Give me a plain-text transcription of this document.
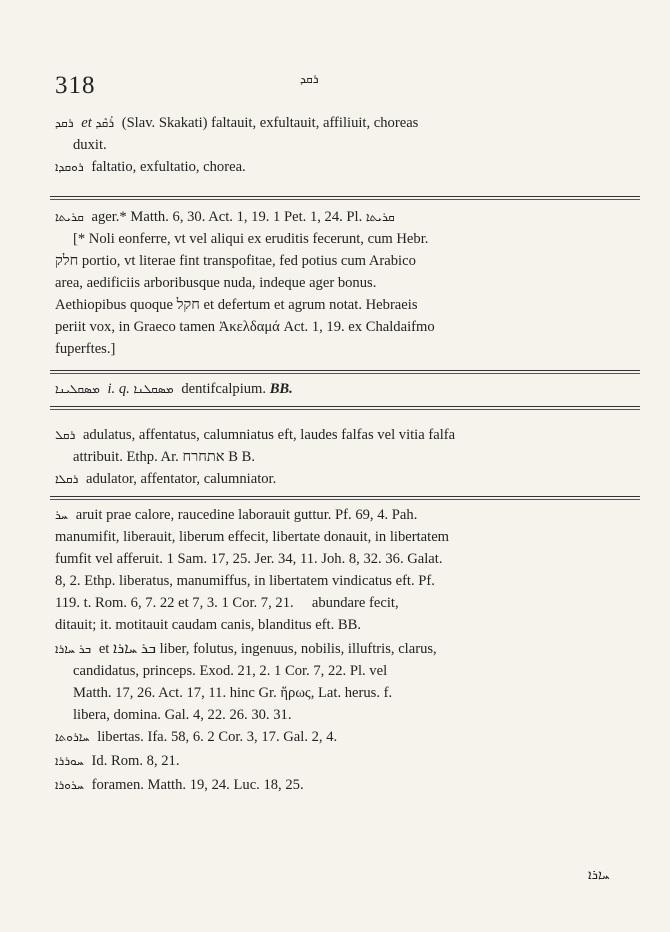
318	ܪܩܕ
ܪܩܕ et ܪܰܩܶܕ (Slav. Skakati) faltauit, exfultauit, affiliuit, choreas
duxit.
ܪܘܩܕܐ faltatio, exfultatio, chorea.
ܩܪܝܬܐ ager.* Matth. 6, 30. Act. 1, 19. 1 Pet. 1, 24. Pl. ܩܪܝܬܐ
[* Noli eonferre, vt vel aliqui ex eruditis fecerunt, cum Hebr.
חלק portio, vt literae fint transpofitae, fed potius cum Arabico
area, aedificiis arboribusque nuda, indeque ager bonus.
Aethiopibus quoque חקל et defertum et agrum notat. Hebraeis
periit vox, in Graeco tamen Ἀκελδαμά Act. 1, 19. ex Chaldaifmo
fuperftes.]
ܡܣܩܠܝܢܐ i. q. ܡܣܩܠܢܐ dentifcalpium. BB.
ܪܩܠ adulatus, affentatus, calumniatus eft, laudes falfas vel vitia falfa
attribuit. Ethp. Ar. אתחרח B B.
ܪܩܠܐ adulator, affentator, calumniator.
ܚܪ aruit prae calore, raucedine laborauit guttur. Pf. 69, 4. Pah.
manumifit, liberauit, liberum effecit, libertate donauit, in libertatem
fumfit vel afferuit. 1 Sam. 17, 25. Jer. 34, 11. Joh. 8, 32. 36. Galat.
8, 2. Ethp. liberatus, manumiffus, in libertatem vindicatus eft. Pf.
119. t. Rom. 6, 7. 22 et 7, 3. 1 Cor. 7, 21. abundare fecit,
ditauit; it. motitauit caudam canis, blanditus eft. BB.
ܒܪ ܚܐܪܐ et ܒܪ ܚܐܪܐ liber, folutus, ingenuus, nobilis, illuftris, clarus,
candidatus, princeps. Exod. 21, 2. 1 Cor. 7, 22. Pl. vel
Matth. 17, 26. Act. 17, 11. hinc Gr. ἥρως, Lat. herus. f.
libera, domina. Gal. 4, 22. 26. 30. 31.
ܚܐܪܘܬܐ libertas. Ifa. 58, 6. 2 Cor. 3, 17. Gal. 2, 4.
ܚܘܪܪܐ Id. Rom. 8, 21.
ܚܪܘܪܐ foramen. Matth. 19, 24. Luc. 18, 25.
ܚܐܪܐ
